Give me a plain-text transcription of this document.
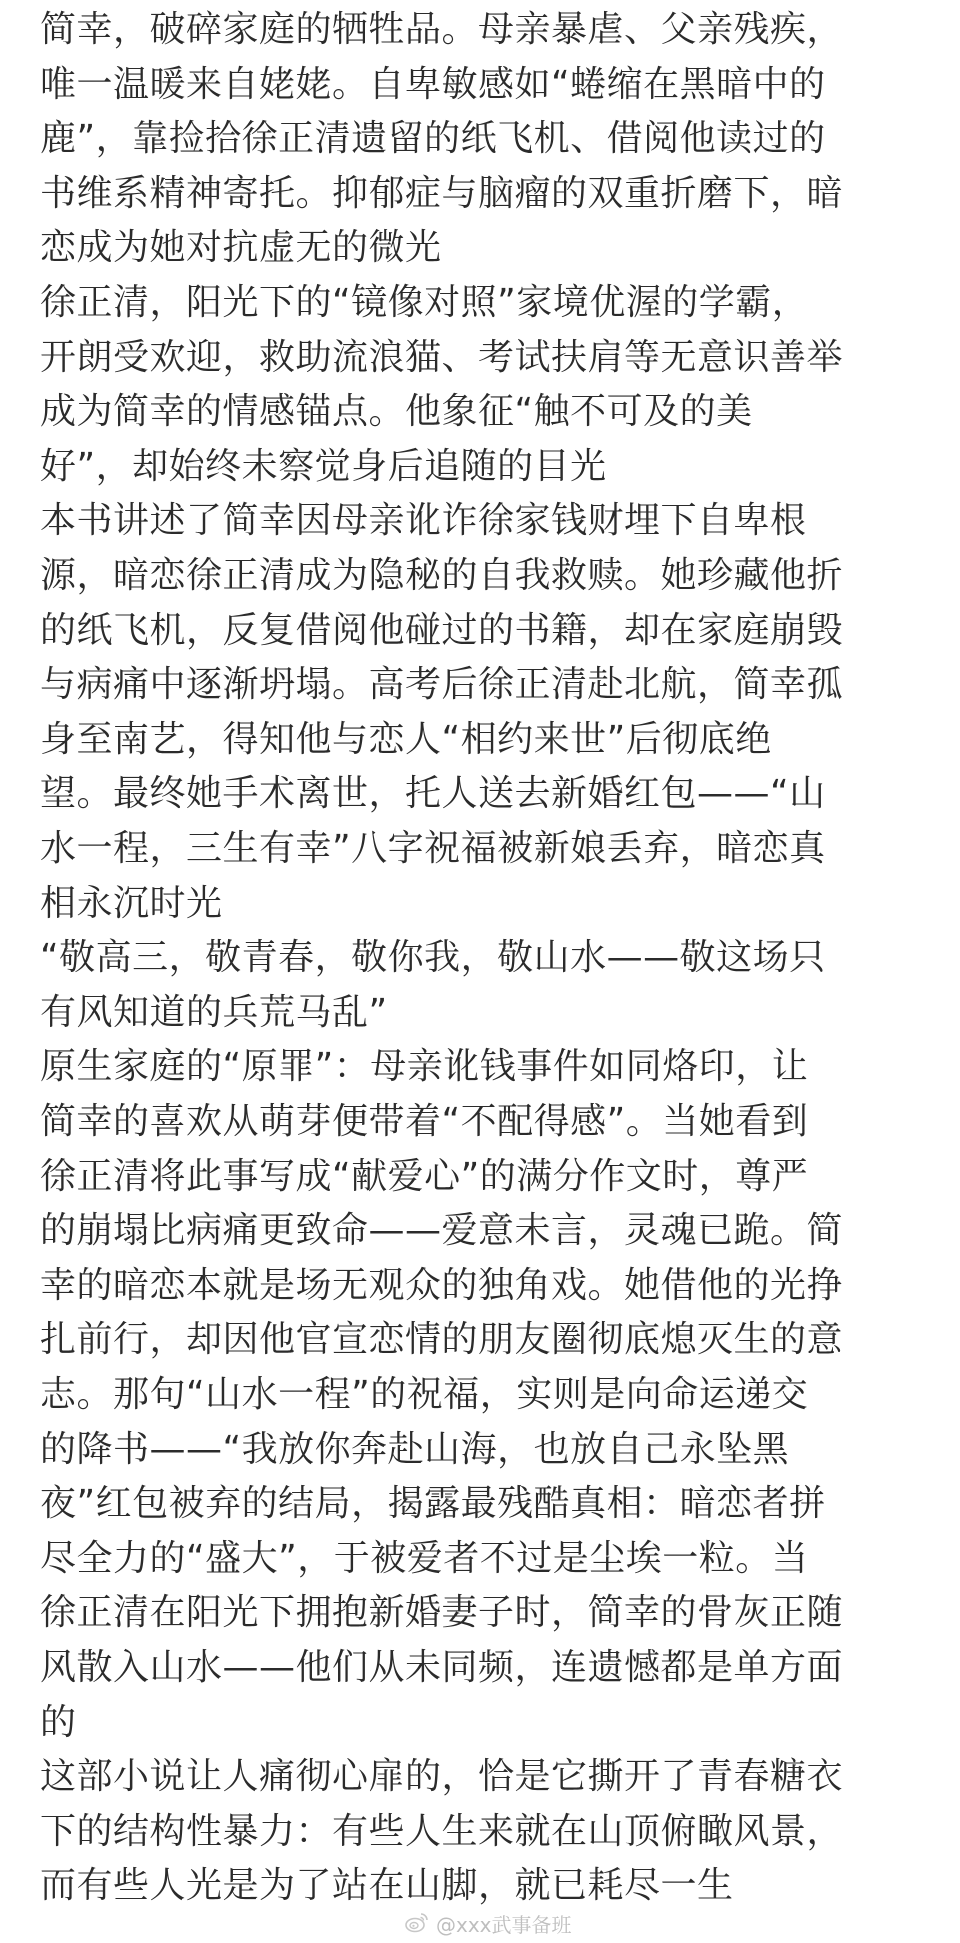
简幸，破碎家庭的牺牲品。母亲暴虐、父亲残疾，
唯一温暖来自姥姥。自卑敏感如“蜷缩在黑暗中的
鹿”，靠捡拾徐正清遗留的纸飞机、借阅他读过的
书维系精神寄托。抑郁症与脑瘤的双重折磨下，暗
恋成为她对抗虚无的微光
徐正清，阳光下的“镜像对照”家境优渥的学霸，
开朗受欢迎，救助流浪猫、考试扶肩等无意识善举
成为简幸的情感锚点。他象征“触不可及的美
好”，却始终未察觉身后追随的目光
本书讲述了简幸因母亲讹诈徐家钱财埋下自卑根
源，暗恋徐正清成为隐秘的自我救赎。她珍藏他折
的纸飞机，反复借阅他碰过的书籍，却在家庭崩毁
与病痛中逐渐坍塌。高考后徐正清赴北航，简幸孤
身至南艺，得知他与恋人“相约来世”后彻底绝
望。最终她手术离世，托人送去新婚红包——“山
水一程，三生有幸”八字祝福被新娘丢弃，暗恋真
相永沉时光
“敬高三，敬青春，敬你我，敬山水——敬这场只
有风知道的兵荒马乱”
原生家庭的“原罪”：母亲讹钱事件如同烙印，让
简幸的喜欢从萌芽便带着“不配得感”。当她看到
徐正清将此事写成“献爱心”的满分作文时，尊严
的崩塌比病痛更致命——爱意未言，灵魂已跪。简
幸的暗恋本就是场无观众的独角戏。她借他的光挣
扎前行，却因他官宣恋情的朋友圈彻底熄灭生的意
志。那句“山水一程”的祝福，实则是向命运递交
的降书——“我放你奔赴山海，也放自己永坠黑
夜”红包被弃的结局，揭露最残酷真相：暗恋者拼
尽全力的“盛大”，于被爱者不过是尘埃一粒。当
徐正清在阳光下拥抱新婚妻子时，简幸的骨灰正随
风散入山水——他们从未同频，连遗憾都是单方面
的
这部小说让人痛彻心扉的，恰是它撕开了青春糖衣
下的结构性暴力：有些人生来就在山顶俯瞰风景，
而有些人光是为了站在山脚，就已耗尽一生
@xxx武事备班
